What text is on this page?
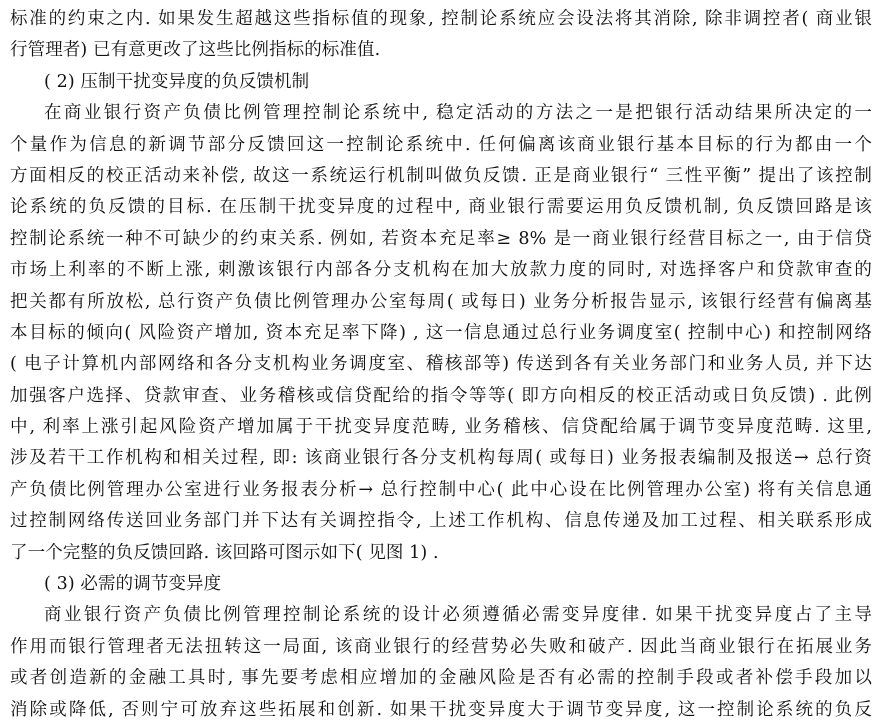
标准的约束之内. 如果发生超越这些指标值的现象, 控制论系统应会设法将其消除, 除非调控者( 商业银
行管理者) 已有意更改了这些比例指标的标准值.
( 2) 压制干扰变异度的负反馈机制
在商业银行资产负债比例管理控制论系统中, 稳定活动的方法之一是把银行活动结果所决定的一
个量作为信息的新调节部分反馈回这一控制论系统中. 任何偏离该商业银行基本目标的行为都由一个
方面相反的校正活动来补偿, 故这一系统运行机制叫做负反馈. 正是商业银行“ 三性平衡” 提出了该控制
论系统的负反馈的目标. 在压制干扰变异度的过程中, 商业银行需要运用负反馈机制, 负反馈回路是该
控制论系统一种不可缺少的约束关系. 例如, 若资本充足率≥ 8% 是一商业银行经营目标之一, 由于信贷
市场上利率的不断上涨, 刺激该银行内部各分支机构在加大放款力度的同时, 对选择客户和贷款审查的
把关都有所放松, 总行资产负债比例管理办公室每周( 或每日) 业务分析报告显示, 该银行经营有偏离基
本目标的倾向( 风险资产增加, 资本充足率下降) , 这一信息通过总行业务调度室( 控制中心) 和控制网络
( 电子计算机内部网络和各分支机构业务调度室、稽核部等) 传送到各有关业务部门和业务人员, 并下达
加强客户选择、贷款审查、业务稽核或信贷配给的指令等等( 即方向相反的校正活动或日负反馈) . 此例
中, 利率上涨引起风险资产增加属于干扰变异度范畴, 业务稽核、信贷配给属于调节变异度范畴. 这里,
涉及若干工作机构和相关过程, 即: 该商业银行各分支机构每周( 或每日) 业务报表编制及报送→ 总行资
产负债比例管理办公室进行业务报表分析→ 总行控制中心( 此中心设在比例管理办公室) 将有关信息通
过控制网络传送回业务部门并下达有关调控指令, 上述工作机构、信息传递及加工过程、相关联系形成
了一个完整的负反馈回路. 该回路可图示如下( 见图 1) .
( 3) 必需的调节变异度
商业银行资产负债比例管理控制论系统的设计必须遵循必需变异度律. 如果干扰变异度占了主导
作用而银行管理者无法扭转这一局面, 该商业银行的经营势必失败和破产. 因此当商业银行在拓展业务
或者创造新的金融工具时, 事先要考虑相应增加的金融风险是否有必需的控制手段或者补偿手段加以
消除或降低, 否则宁可放弃这些拓展和创新. 如果干扰变异度大于调节变异度, 这一控制论系统的负反
